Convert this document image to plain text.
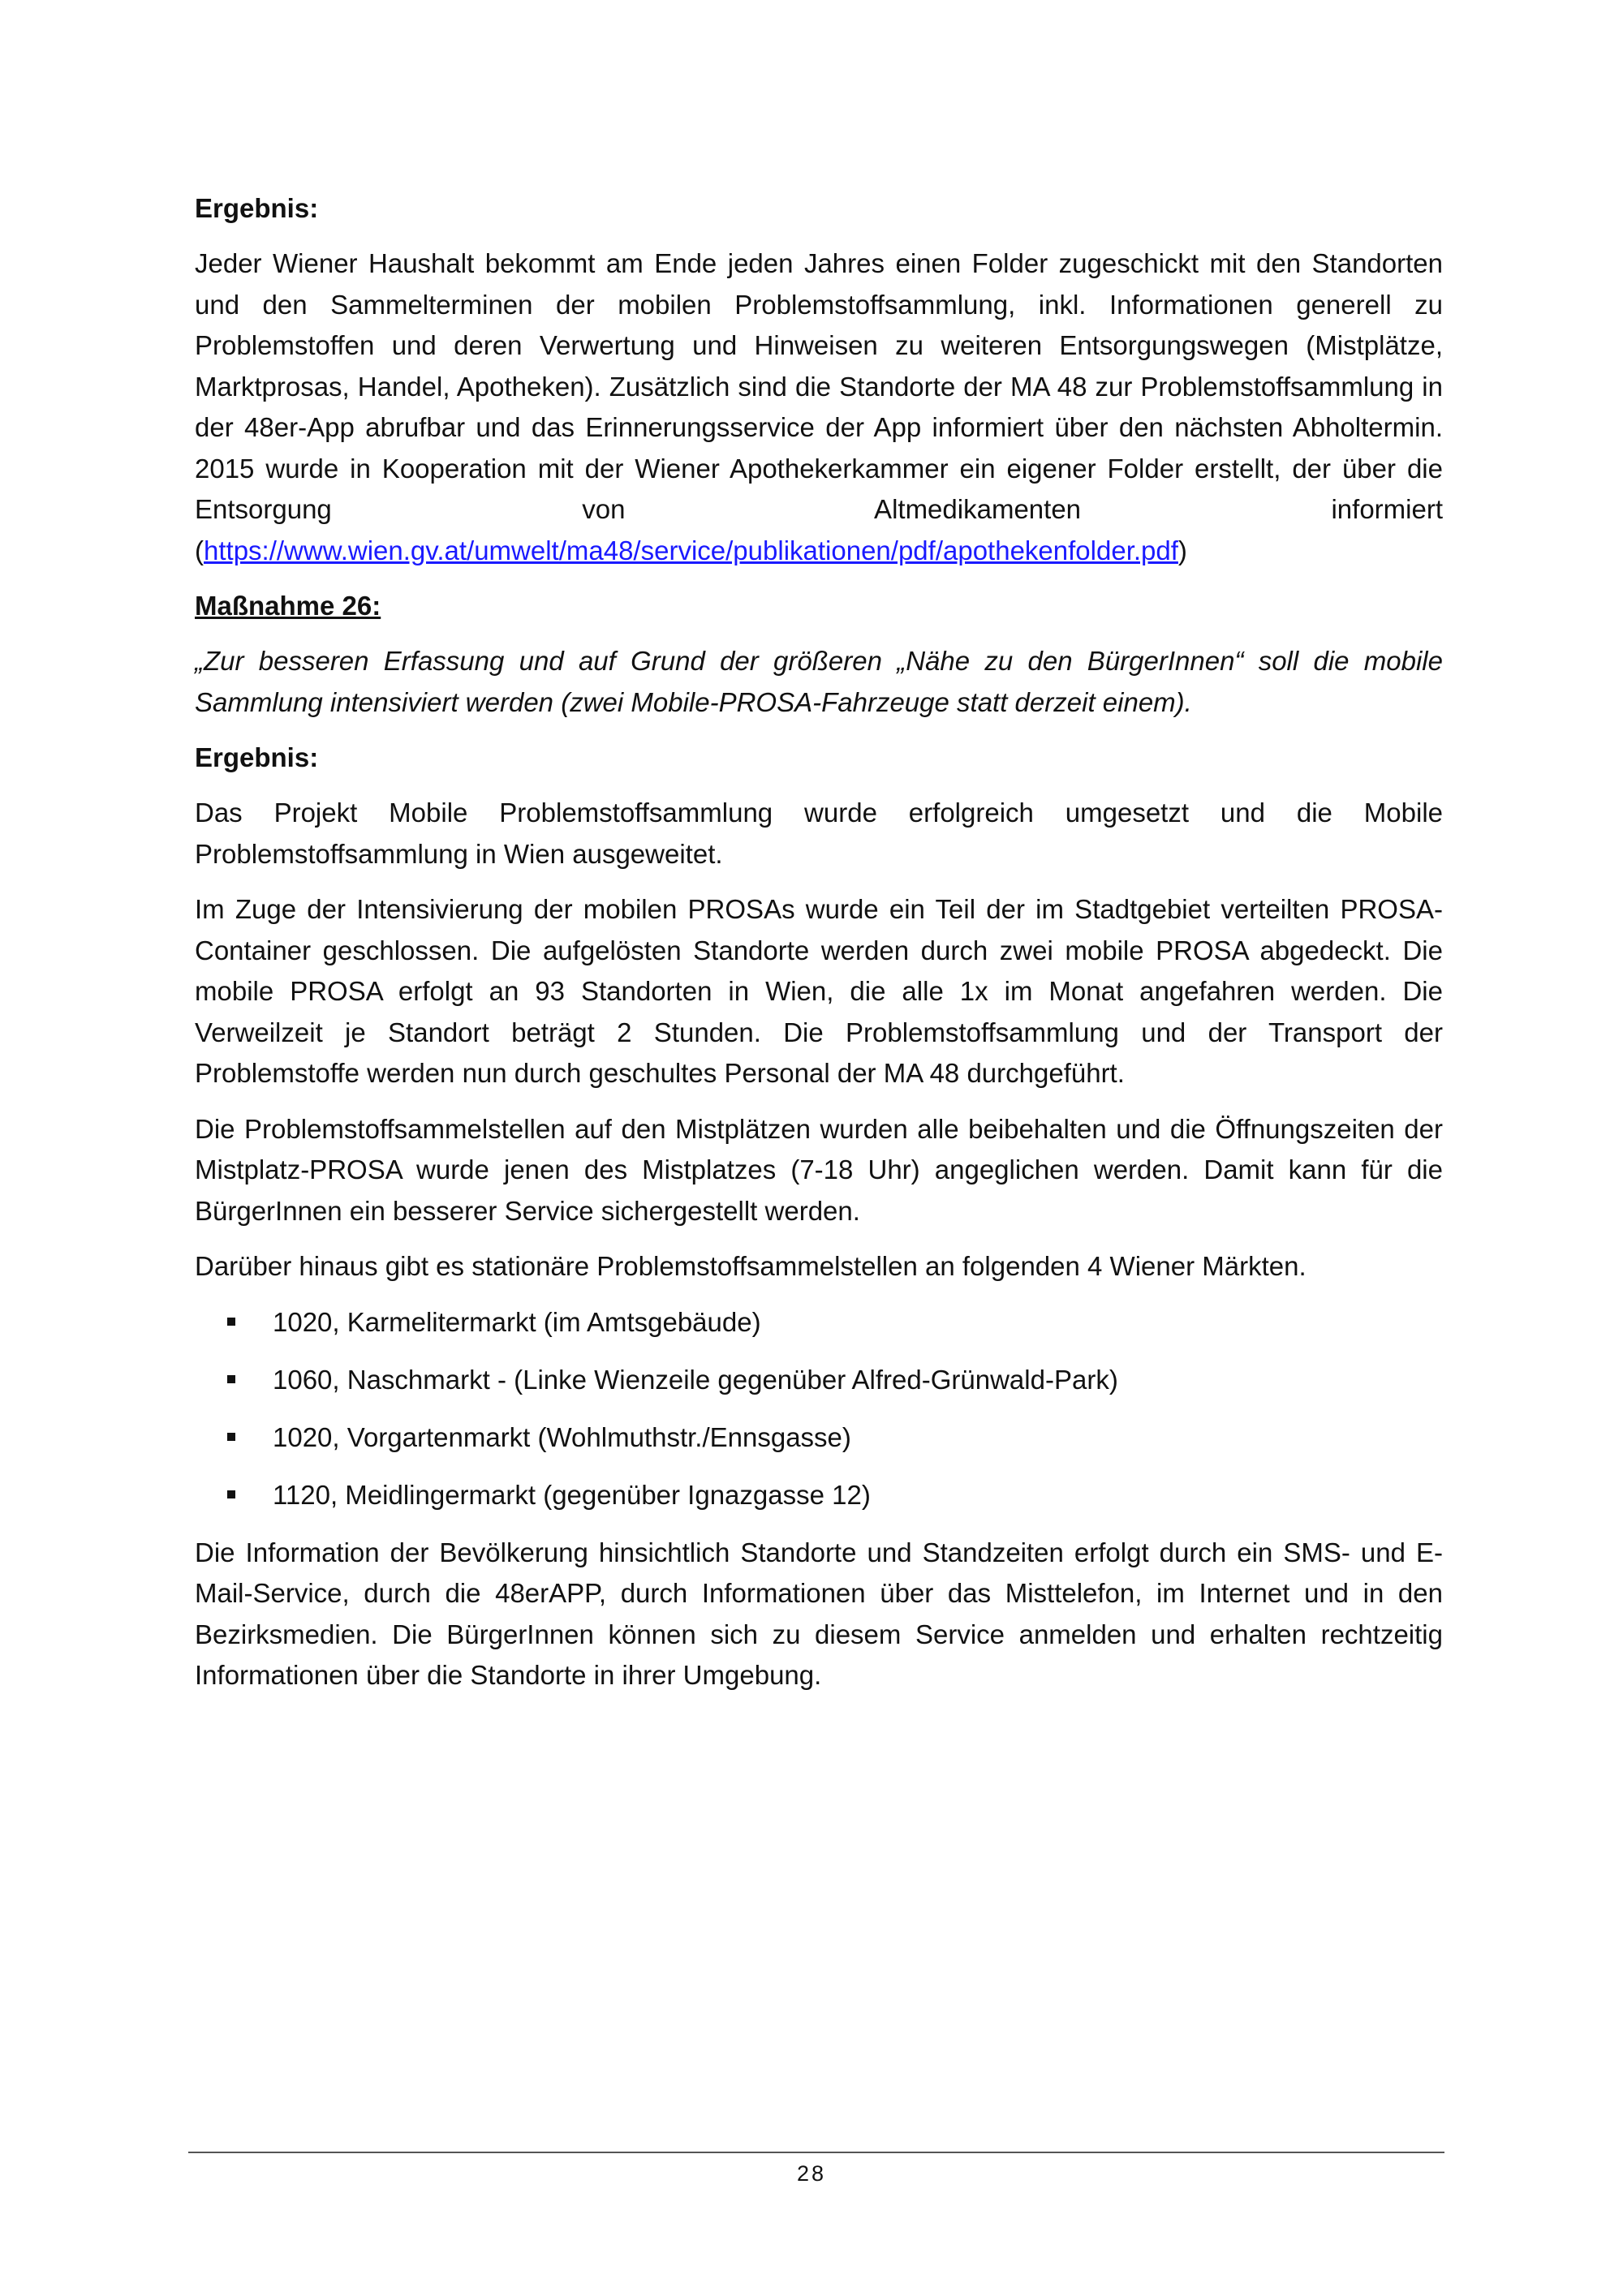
Ergebnis:

Jeder Wiener Haushalt bekommt am Ende jeden Jahres einen Folder zugeschickt mit den Standorten und den Sammelterminen der mobilen Problemstoffsammlung, inkl. Informationen generell zu Problemstoffen und deren Verwertung und Hinweisen zu weiteren Entsorgungswegen (Mistplätze, Marktprosas, Handel, Apotheken). Zusätzlich sind die Standorte der MA 48 zur Problemstoffsammlung in der 48er-App abrufbar und das Erinnerungsservice der App informiert über den nächsten Abholtermin. 2015 wurde in Kooperation mit der Wiener Apothekerkammer ein eigener Folder erstellt, der über die Entsorgung von Altmedikamenten informiert (https://www.wien.gv.at/umwelt/ma48/service/publikationen/pdf/apothekenfolder.pdf)

Maßnahme 26:

„Zur besseren Erfassung und auf Grund der größeren „Nähe zu den BürgerInnen“ soll die mobile Sammlung intensiviert werden (zwei Mobile-PROSA-Fahrzeuge statt derzeit einem).

Ergebnis:

Das Projekt Mobile Problemstoffsammlung wurde erfolgreich umgesetzt und die Mobile Problemstoffsammlung in Wien ausgeweitet.

Im Zuge der Intensivierung der mobilen PROSAs wurde ein Teil der im Stadtgebiet verteilten PROSA-Container geschlossen. Die aufgelösten Standorte werden durch zwei mobile PROSA abgedeckt. Die mobile PROSA erfolgt an 93 Standorten in Wien, die alle 1x im Monat angefahren werden. Die Verweilzeit je Standort beträgt 2 Stunden. Die Problemstoffsammlung und der Transport der Problemstoffe werden nun durch geschultes Personal der MA 48 durchgeführt.

Die Problemstoffsammelstellen auf den Mistplätzen wurden alle beibehalten und die Öffnungszeiten der Mistplatz-PROSA wurde jenen des Mistplatzes (7-18 Uhr) angeglichen werden. Damit kann für die BürgerInnen ein besserer Service sichergestellt werden.

Darüber hinaus gibt es stationäre Problemstoffsammelstellen an folgenden 4 Wiener Märkten.

1020, Karmelitermarkt (im Amtsgebäude)
1060, Naschmarkt - (Linke Wienzeile gegenüber Alfred-Grünwald-Park)
1020, Vorgartenmarkt (Wohlmuthstr./Ennsgasse)
1120, Meidlingermarkt (gegenüber Ignazgasse 12)

Die Information der Bevölkerung hinsichtlich Standorte und Standzeiten erfolgt durch ein SMS- und E-Mail-Service, durch die 48erAPP, durch Informationen über das Misttelefon, im Internet und in den Bezirksmedien. Die BürgerInnen können sich zu diesem Service anmelden und erhalten rechtzeitig Informationen über die Standorte in ihrer Umgebung.

28
